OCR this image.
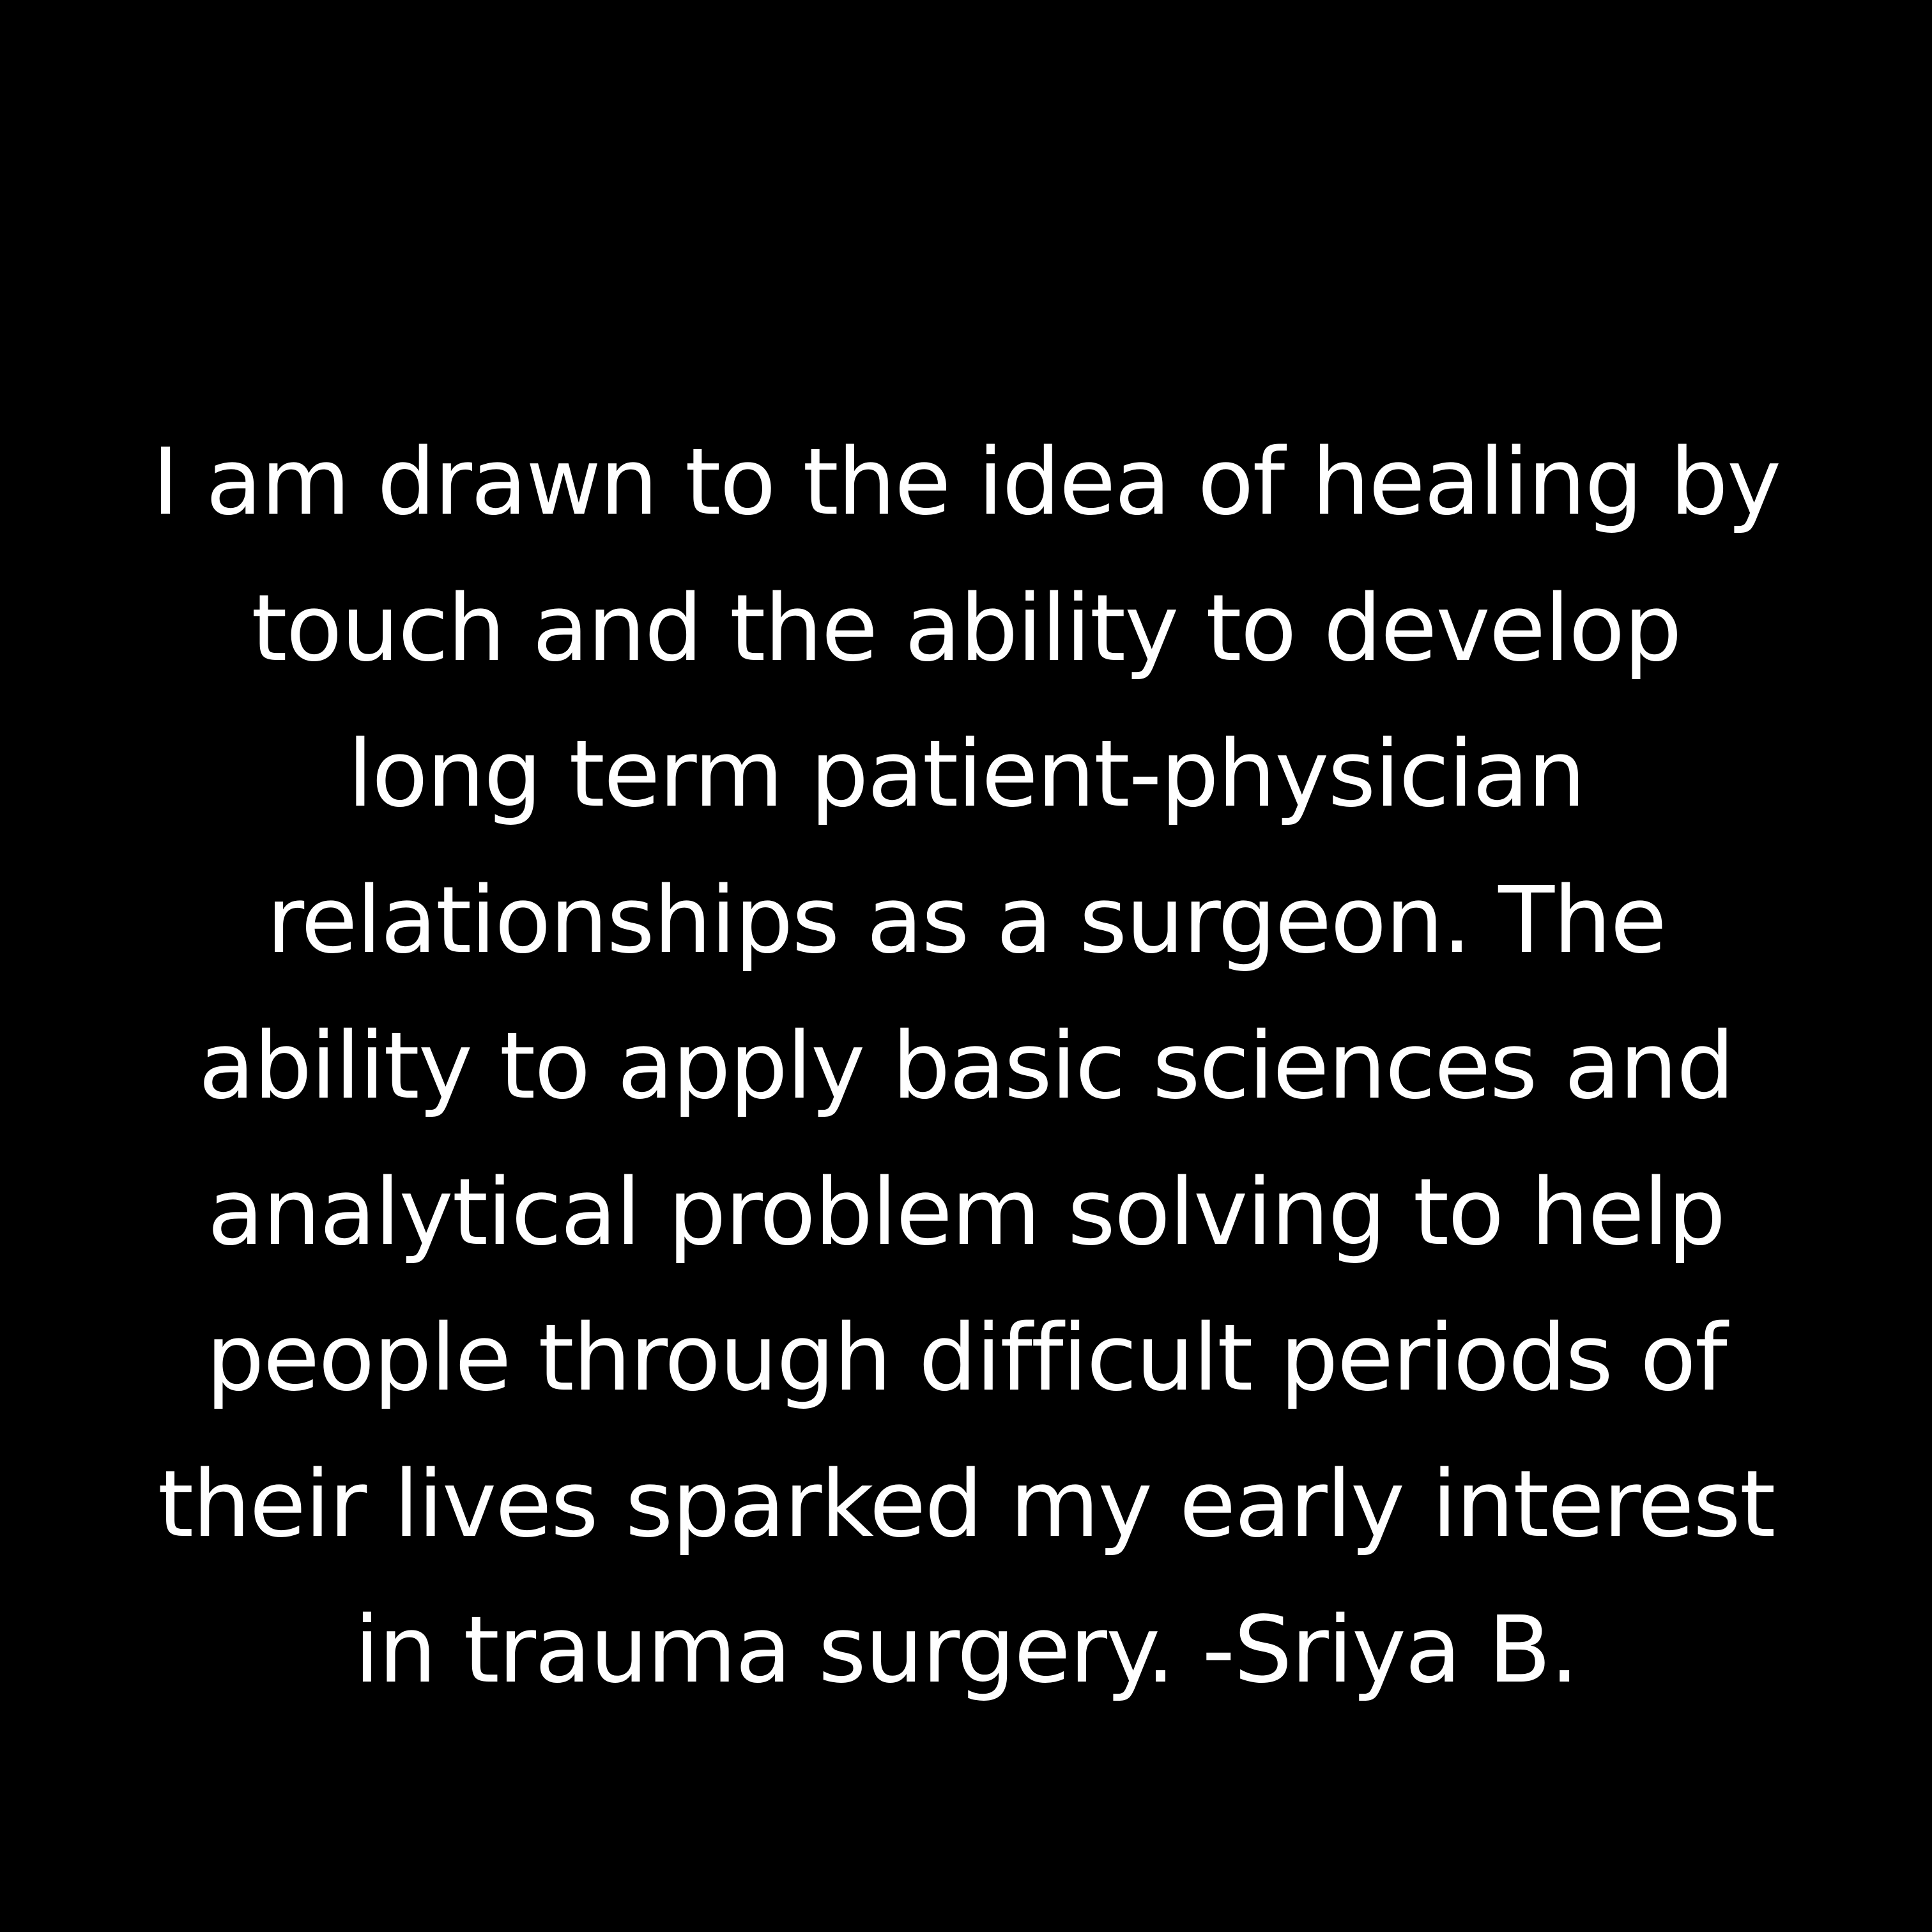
I am drawn to the idea of healing by
touch and the ability to develop
long term patient-physician
relationships as a surgeon. The
ability to apply basic sciences and
analytical problem solving to help
people through difficult periods of
their lives sparked my early interest
in trauma surgery. -Sriya B.
